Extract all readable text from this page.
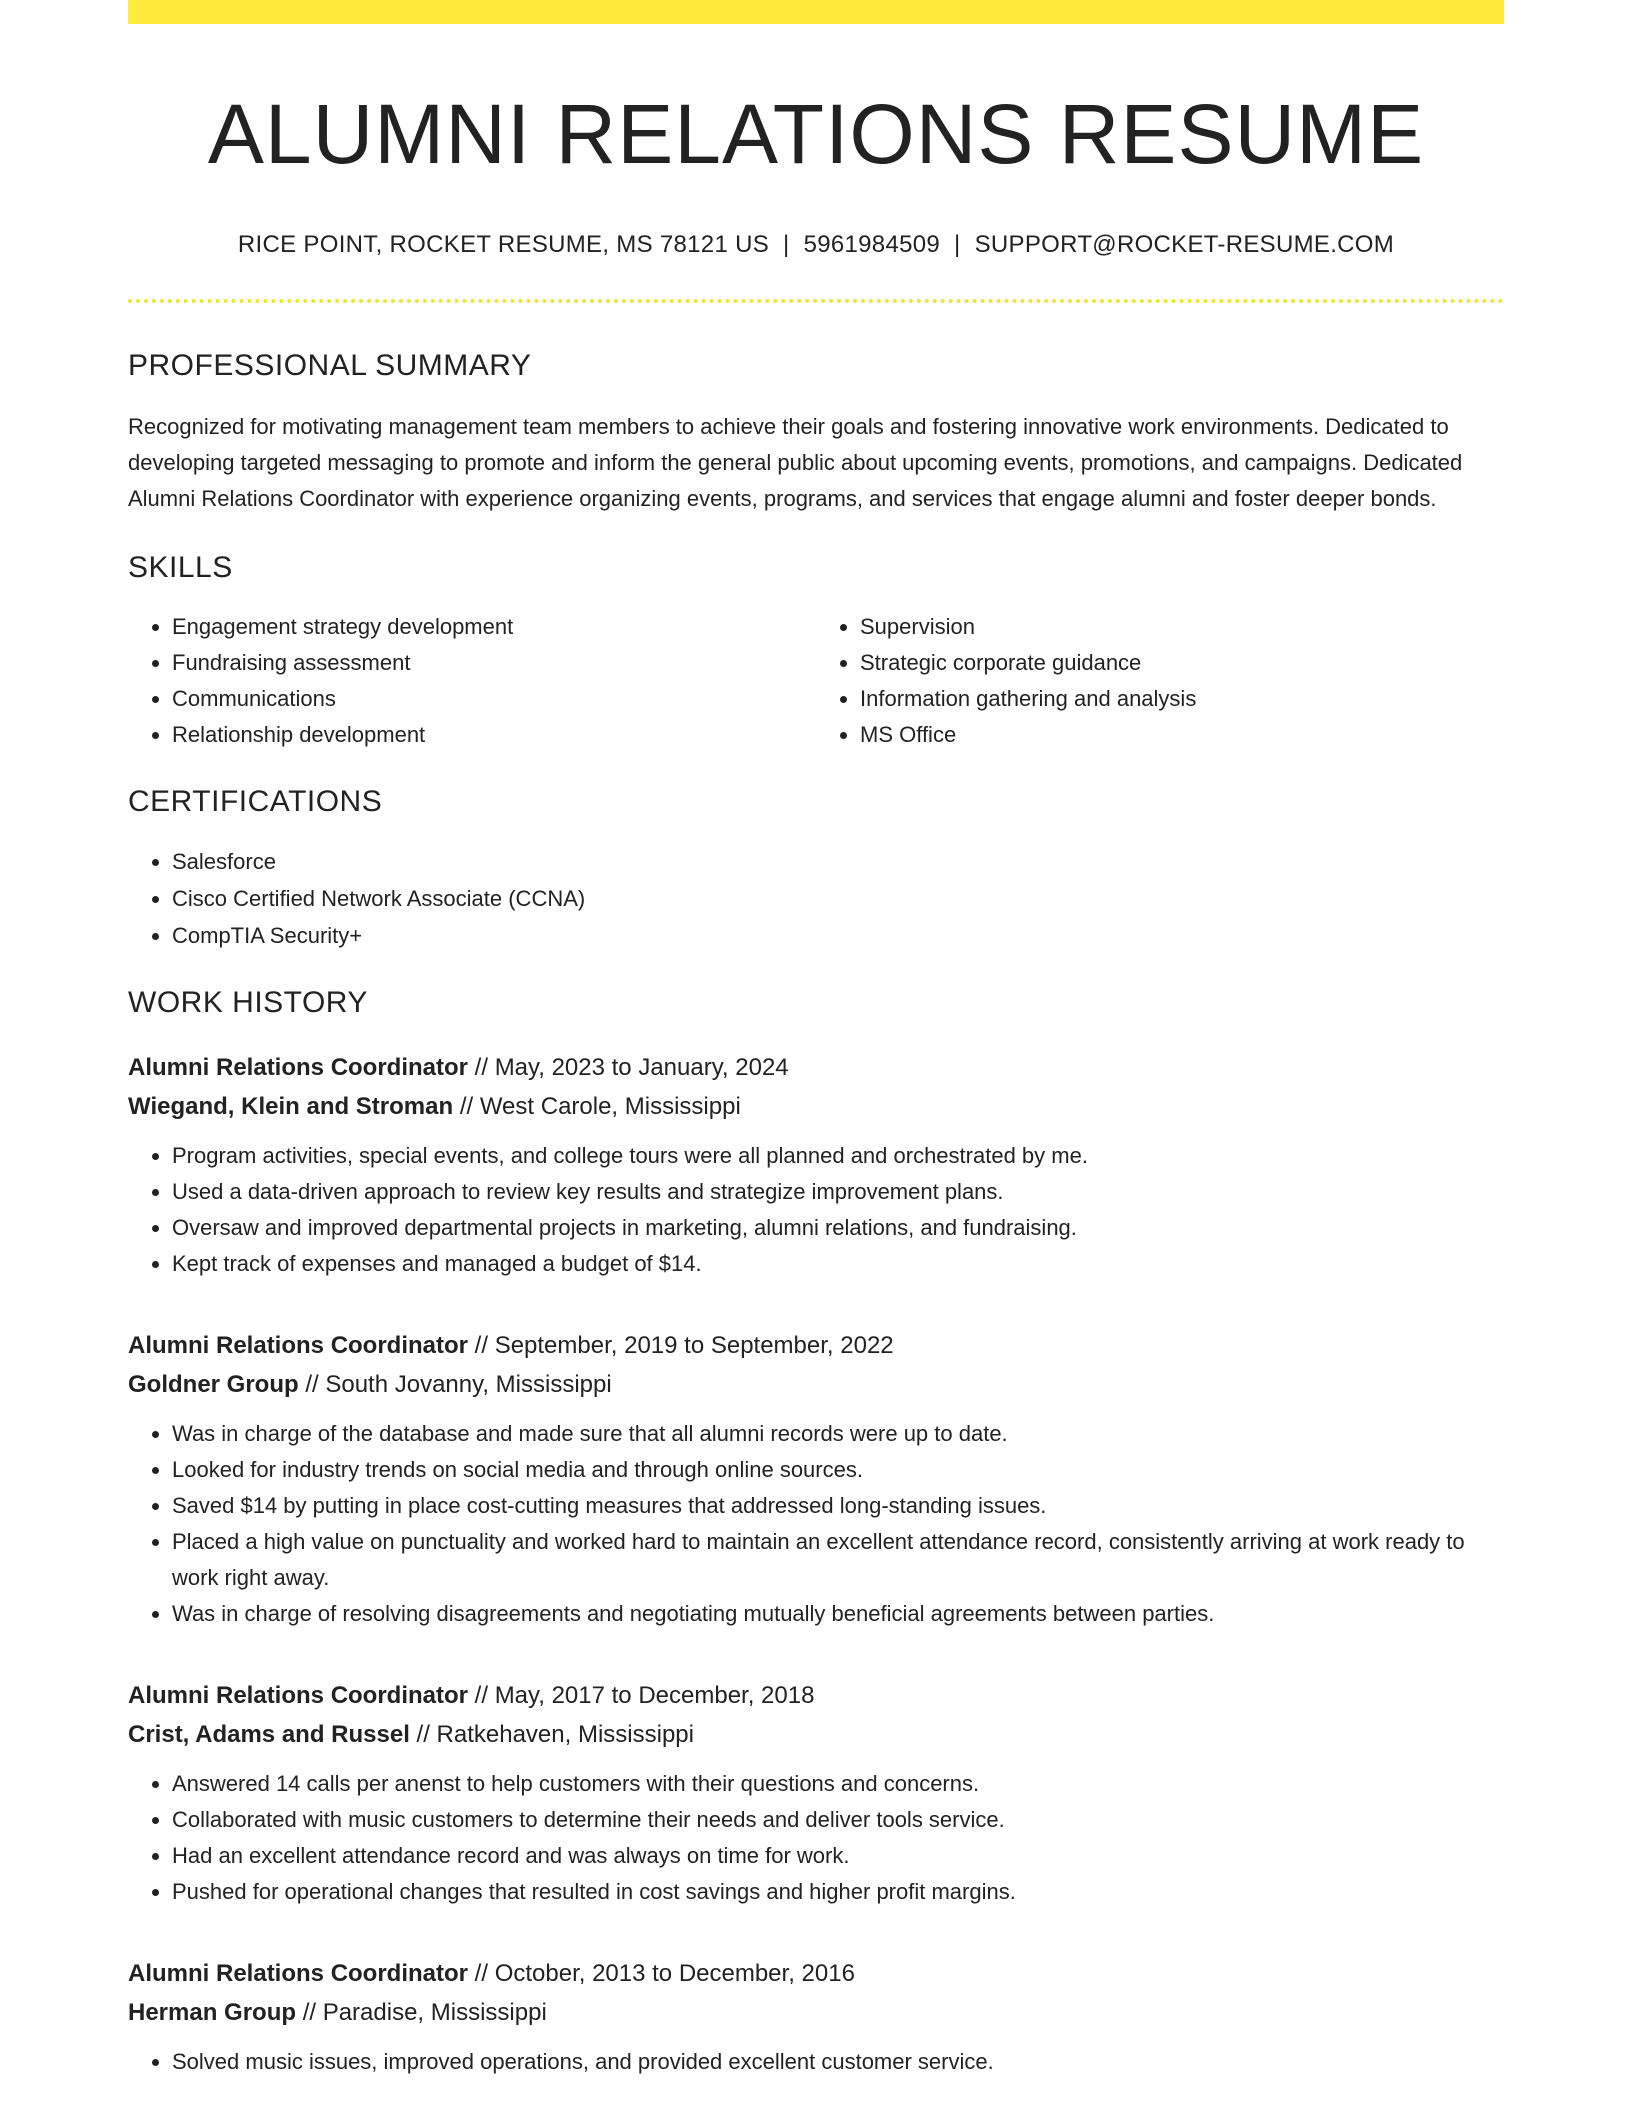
ALUMNI RELATIONS RESUME
RICE POINT, ROCKET RESUME, MS 78121 US | 5961984509 | SUPPORT@ROCKET-RESUME.COM
PROFESSIONAL SUMMARY

Recognized for motivating management team members to achieve their goals and fostering innovative work environments. Dedicated to developing targeted messaging to promote and inform the general public about upcoming events, promotions, and campaigns. Dedicated Alumni Relations Coordinator with experience organizing events, programs, and services that engage alumni and foster deeper bonds.

SKILLS
• Engagement strategy development
• Fundraising assessment
• Communications
• Relationship development
• Supervision
• Strategic corporate guidance
• Information gathering and analysis
• MS Office
CERTIFICATIONS
• Salesforce
• Cisco Certified Network Associate (CCNA)
• CompTIA Security+
WORK HISTORY
Alumni Relations Coordinator // May, 2023 to January, 2024
Wiegand, Klein and Stroman // West Carole, Mississippi
• Program activities, special events, and college tours were all planned and orchestrated by me.
• Used a data-driven approach to review key results and strategize improvement plans.
• Oversaw and improved departmental projects in marketing, alumni relations, and fundraising.
• Kept track of expenses and managed a budget of $14.
Alumni Relations Coordinator // September, 2019 to September, 2022
Goldner Group // South Jovanny, Mississippi
• Was in charge of the database and made sure that all alumni records were up to date.
• Looked for industry trends on social media and through online sources.
• Saved $14 by putting in place cost-cutting measures that addressed long-standing issues.
• Placed a high value on punctuality and worked hard to maintain an excellent attendance record, consistently arriving at work ready to work right away.
• Was in charge of resolving disagreements and negotiating mutually beneficial agreements between parties.
Alumni Relations Coordinator // May, 2017 to December, 2018
Crist, Adams and Russel // Ratkehaven, Mississippi
• Answered 14 calls per anenst to help customers with their questions and concerns.
• Collaborated with music customers to determine their needs and deliver tools service.
• Had an excellent attendance record and was always on time for work.
• Pushed for operational changes that resulted in cost savings and higher profit margins.
Alumni Relations Coordinator // October, 2013 to December, 2016
Herman Group // Paradise, Mississippi
• Solved music issues, improved operations, and provided excellent customer service.
